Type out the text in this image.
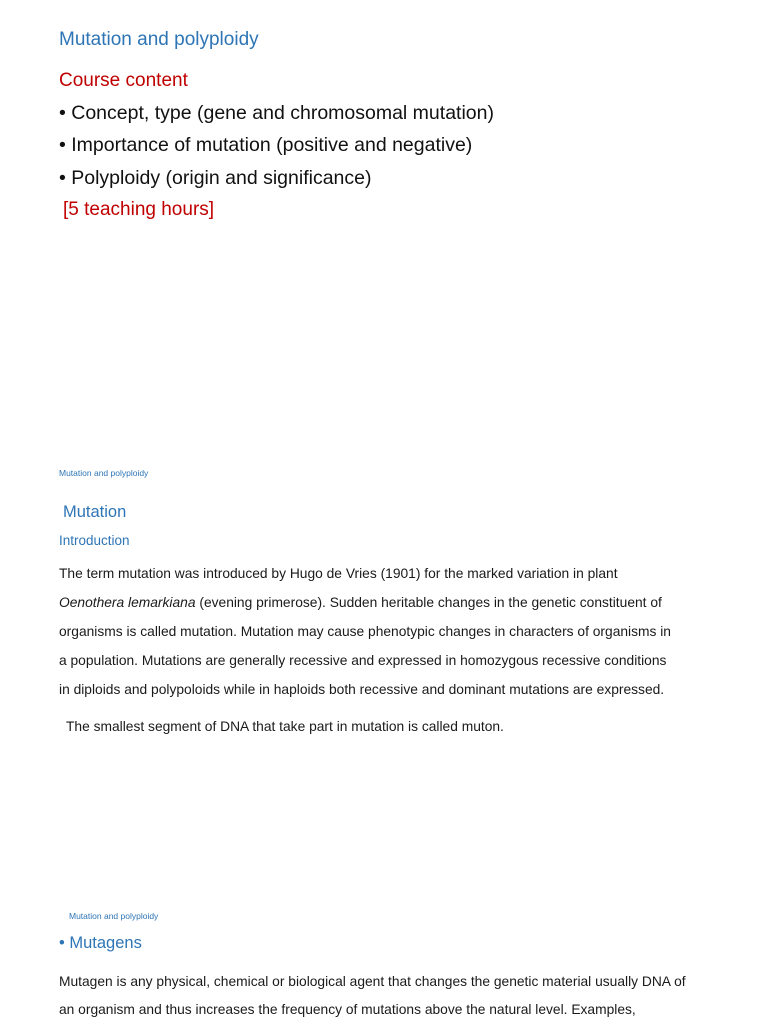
Mutation and polyploidy
Course content
• Concept, type (gene and chromosomal mutation)
• Importance of mutation (positive and negative)
• Polyploidy (origin and significance)
[5 teaching hours]
Mutation and polyploidy
Mutation
Introduction
The term mutation was introduced by Hugo de Vries (1901) for the marked variation in plant
Oenothera lemarkiana (evening primerose). Sudden heritable changes in the genetic constituent of
organisms is called mutation. Mutation may cause phenotypic changes in characters of organisms in
a population. Mutations are generally recessive and expressed in homozygous recessive conditions
in diploids and polypoloids while in haploids both recessive and dominant mutations are expressed.
The smallest segment of DNA that take part in mutation is called muton.
Mutation and polyploidy
• Mutagens
Mutagen is any physical, chemical or biological agent that changes the genetic material usually DNA of
an organism and thus increases the frequency of mutations above the natural level. Examples,
